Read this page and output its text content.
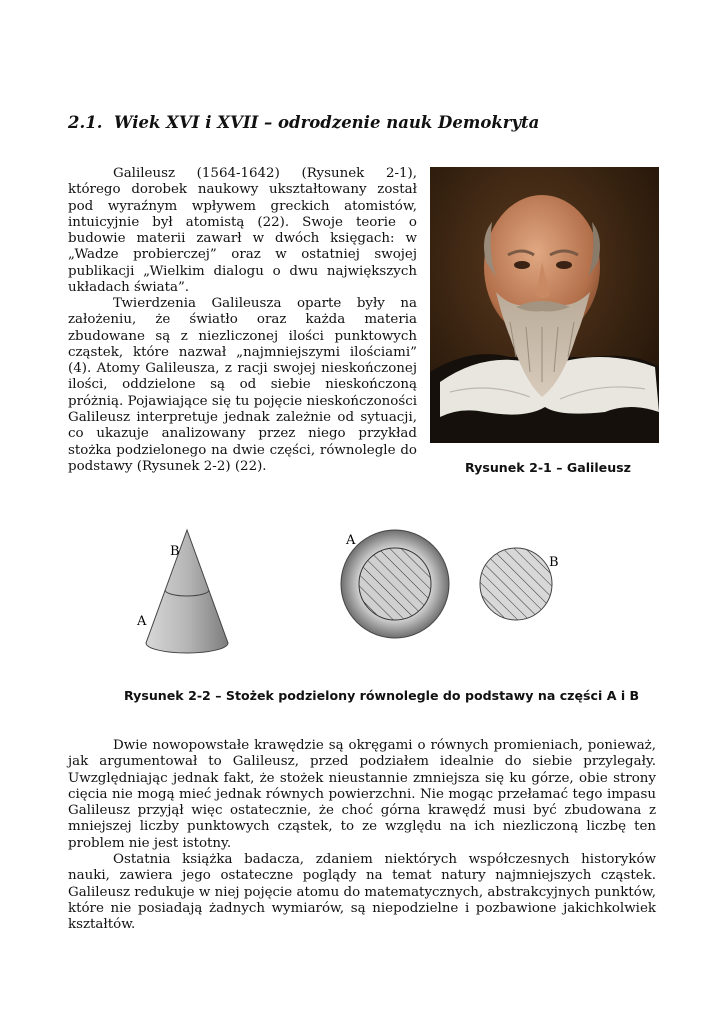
2.1. Wiek XVI i XVII – odrodzenie nauk Demokryta

Galileusz (1564-1642) (Rysunek 2-1), którego dorobek naukowy ukształtowany został pod wyraźnym wpływem greckich atomistów, intuicyjnie był atomistą (22). Swoje teorie o budowie materii zawarł w dwóch księgach: w „Wadze probierczej” oraz w ostatniej swojej publikacji „Wielkim dialogu o dwu największych układach świata”.

Twierdzenia Galileusza oparte były na założeniu, że światło oraz każda materia zbudowane są z niezliczonej ilości punktowych cząstek, które nazwał „najmniejszymi ilościami” (4). Atomy Galileusza, z racji swojej nieskończonej ilości, oddzielone są od siebie nieskończoną próżnią. Pojawiające się tu pojęcie nieskończoności Galileusz interpretuje jednak zależnie od sytuacji, co ukazuje analizowany przez niego przykład stożka podzielonego na dwie części, równolegle do podstawy (Rysunek 2-2) (22).	Rysunek 2-1 – Galileusz
B
A
A
B
Rysunek 2-2 – Stożek podzielony równolegle do podstawy na części A i B

Dwie nowopowstałe krawędzie są okręgami o równych promieniach, ponieważ, jak argumentował to Galileusz, przed podziałem idealnie do siebie przylegały. Uwzględniając jednak fakt, że stożek nieustannie zmniejsza się ku górze, obie strony cięcia nie mogą mieć jednak równych powierzchni. Nie mogąc przełamać tego impasu Galileusz przyjął więc ostatecznie, że choć górna krawędź musi być zbudowana z mniejszej liczby punktowych cząstek, to ze względu na ich niezliczoną liczbę ten problem nie jest istotny.

Ostatnia książka badacza, zdaniem niektórych współczesnych historyków nauki, zawiera jego ostateczne poglądy na temat natury najmniejszych cząstek. Galileusz redukuje w niej pojęcie atomu do matematycznych, abstrakcyjnych punktów, które nie posiadają żadnych wymiarów, są niepodzielne i pozbawione jakichkolwiek kształtów.
